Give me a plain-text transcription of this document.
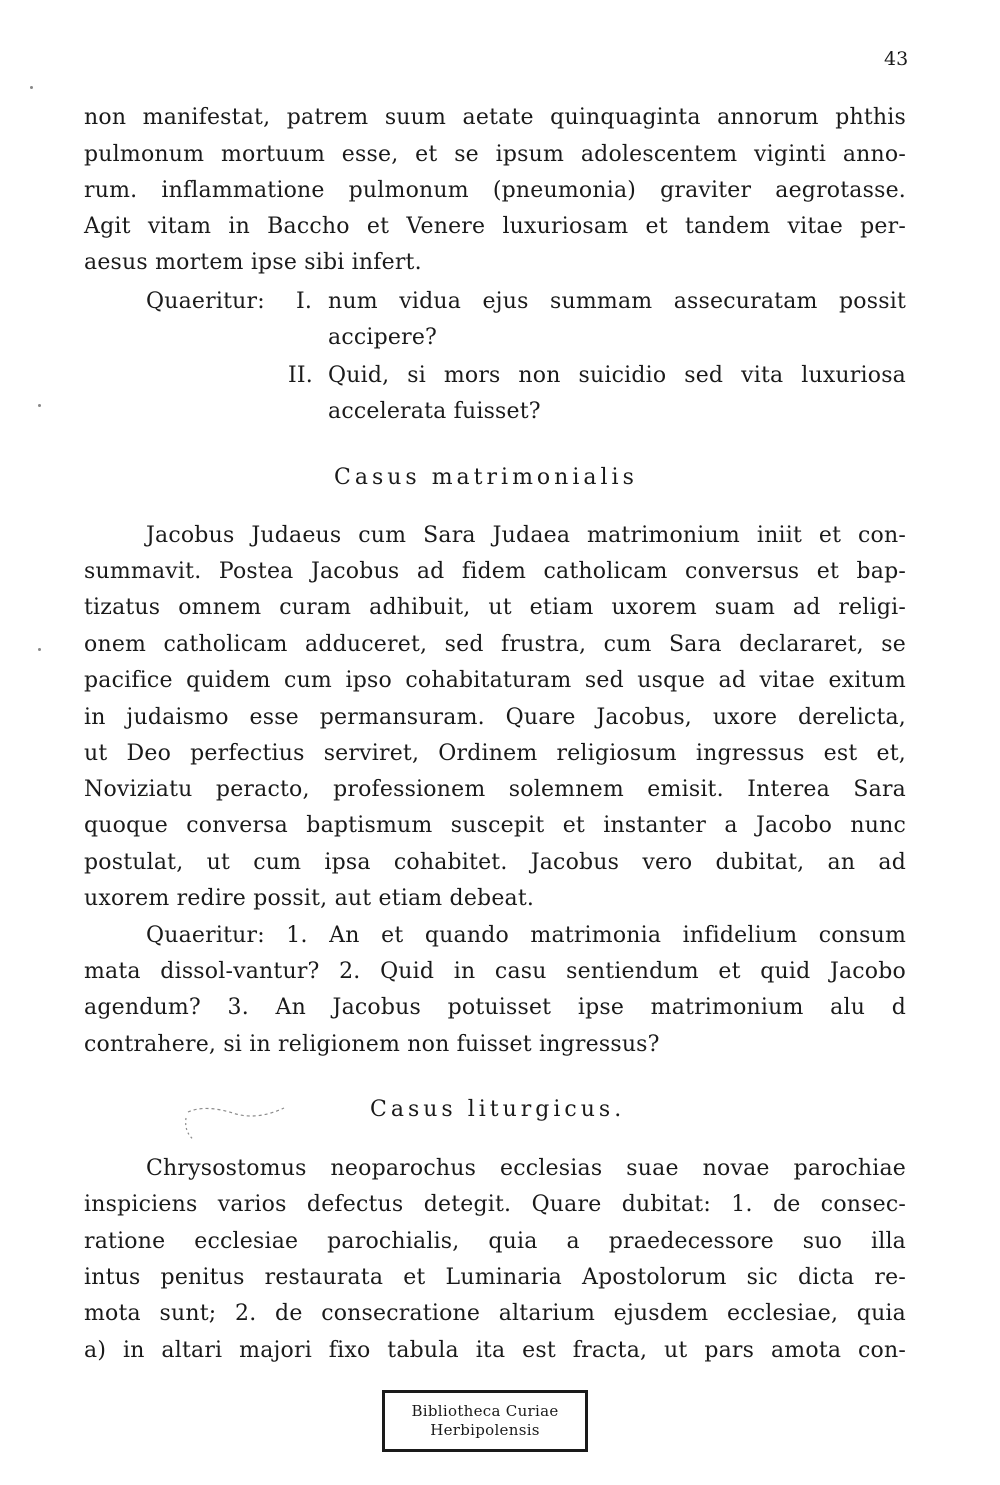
43
non manifestat, patrem suum aetate quinquaginta annorum phthis
pulmonum mortuum esse, et se ipsum adolescentem viginti anno-
rum. inflammatione pulmonum (pneumonia) graviter aegrotasse.
Agit vitam in Baccho et Venere luxuriosam et tandem vitae per-
aesus mortem ipse sibi infert.
Quaeritur: I. num vidua ejus summam assecuratam possit
accipere?
II. Quid, si mors non suicidio sed vita luxuriosa
accelerata fuisset?
Casus matrimonialis
Jacobus Judaeus cum Sara Judaea matrimonium iniit et con-
summavit. Postea Jacobus ad fidem catholicam conversus et bap-
tizatus omnem curam adhibuit, ut etiam uxorem suam ad religi-
onem catholicam adduceret, sed frustra, cum Sara declararet, se
pacifice quidem cum ipso cohabitaturam sed usque ad vitae exitum
in judaismo esse permansuram. Quare Jacobus, uxore derelicta,
ut Deo perfectius serviret, Ordinem religiosum ingressus est et,
Noviziatu peracto, professionem solemnem emisit. Interea Sara
quoque conversa baptismum suscepit et instanter a Jacobo nunc
postulat, ut cum ipsa cohabitet. Jacobus vero dubitat, an ad
uxorem redire possit, aut etiam debeat.
Quaeritur: 1. An et quando matrimonia infidelium consum
mata dissol-vantur? 2. Quid in casu sentiendum et quid Jacobo
agendum? 3. An Jacobus potuisset ipse matrimonium alu d
contrahere, si in religionem non fuisset ingressus?
Casus liturgicus.
Chrysostomus neoparochus ecclesias suae novae parochiae
inspiciens varios defectus detegit. Quare dubitat: 1. de consec-
ratione ecclesiae parochialis, quia a praedecessore suo illa
intus penitus restaurata et Luminaria Apostolorum sic dicta re-
mota sunt; 2. de consecratione altarium ejusdem ecclesiae, quia
a) in altari majori fixo tabula ita est fracta, ut pars amota con-
Bibliotheca Curiae
Herbipolensis
